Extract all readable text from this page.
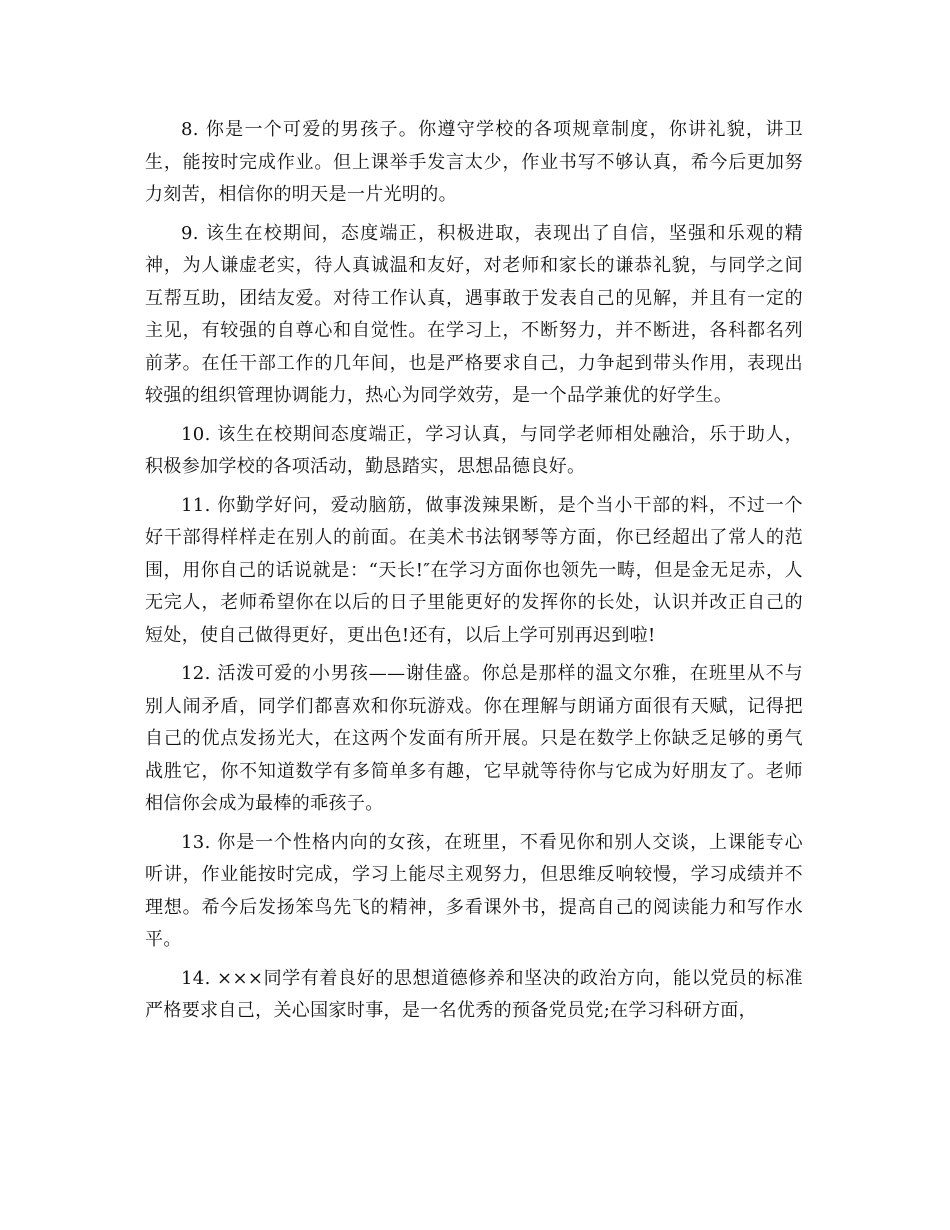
8. 你是一个可爱的男孩子。你遵守学校的各项规章制度，你讲礼貌，讲卫生，能按时完成作业。但上课举手发言太少，作业书写不够认真，希今后更加努力刻苦，相信你的明天是一片光明的。

9. 该生在校期间，态度端正，积极进取，表现出了自信，坚强和乐观的精神，为人谦虚老实，待人真诚温和友好，对老师和家长的谦恭礼貌，与同学之间互帮互助，团结友爱。对待工作认真，遇事敢于发表自己的见解，并且有一定的主见，有较强的自尊心和自觉性。在学习上，不断努力，并不断进，各科都名列前茅。在任干部工作的几年间，也是严格要求自己，力争起到带头作用，表现出较强的组织管理协调能力，热心为同学效劳，是一个品学兼优的好学生。

10. 该生在校期间态度端正，学习认真，与同学老师相处融洽，乐于助人，积极参加学校的各项活动，勤恳踏实，思想品德良好。

11. 你勤学好问，爱动脑筋，做事泼辣果断，是个当小干部的料，不过一个好干部得样样走在别人的前面。在美术书法钢琴等方面，你已经超出了常人的范围，用你自己的话说就是：“天长!″在学习方面你也领先一畴，但是金无足赤，人无完人，老师希望你在以后的日子里能更好的发挥你的长处，认识并改正自己的短处，使自己做得更好，更出色!还有，以后上学可别再迟到啦!

12. 活泼可爱的小男孩——谢佳盛。你总是那样的温文尔雅，在班里从不与别人闹矛盾，同学们都喜欢和你玩游戏。你在理解与朗诵方面很有天赋，记得把自己的优点发扬光大，在这两个发面有所开展。只是在数学上你缺乏足够的勇气战胜它，你不知道数学有多简单多有趣，它早就等待你与它成为好朋友了。老师相信你会成为最棒的乖孩子。

13. 你是一个性格内向的女孩，在班里，不看见你和别人交谈，上课能专心听讲，作业能按时完成，学习上能尽主观努力，但思维反响较慢，学习成绩并不理想。希今后发扬笨鸟先飞的精神，多看课外书，提高自己的阅读能力和写作水平。

14. ×××同学有着良好的思想道德修养和坚决的政治方向，能以党员的标准严格要求自己，关心国家时事，是一名优秀的预备党员党;在学习科研方面，
